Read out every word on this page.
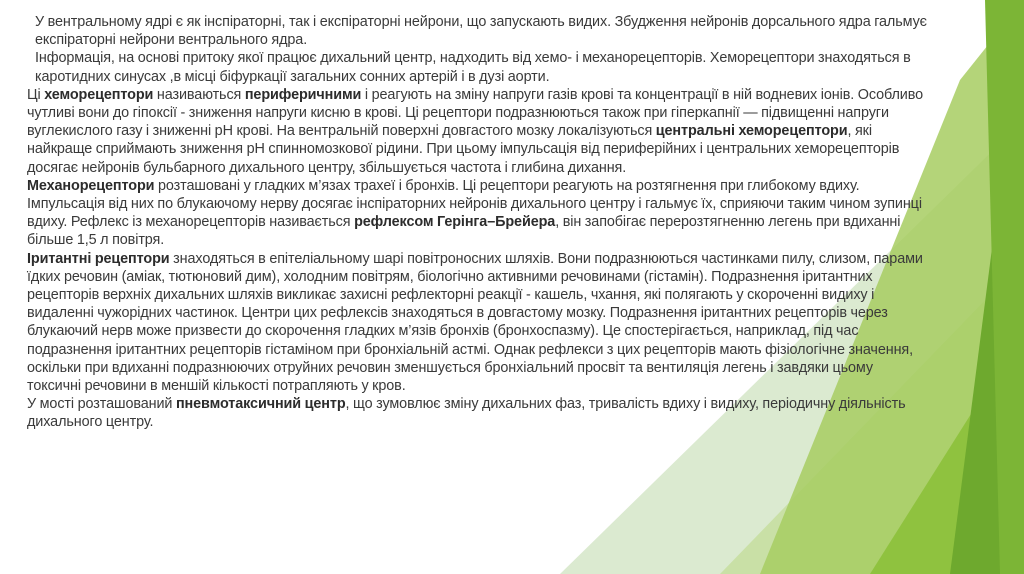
У вентральному ядрі є як інспіраторні, так і експіраторні нейрони, що запускають видих. Збудження нейронів дорсального ядра гальмує експіраторні нейрони вентрального ядра.

Інформація, на основі притоку якої працює дихальний центр, надходить від хемо- і механорецепторів. Хеморецептори знаходяться в каротидних синусах ,в місці біфуркації загальних сонних артерій і в дузі аорти.

Ці хеморецептори називаються периферичними і реагують на зміну напруги газів крові та концентрації в ній водневих іонів. Особливо чутливі вони до гіпоксії - зниження напруги кисню в крові. Ці рецептори подразнюються також при гіперкапнії — підвищенні напруги вуглекислого газу і зниженні рН крові. На вентральній поверхні довгастого мозку локалізуються центральні хеморецептори, які найкраще сприймають зниження рН спинномозкової рідини. При цьому імпульсація від периферійних і центральних хеморецепторів досягає нейронів бульбарного дихального центру, збільшується частота і глибина дихання.

Механорецептори розташовані у гладких м’язах трахеї і бронхів. Ці рецептори реагують на розтягнення при глибокому вдиху. Імпульсація від них по блукаючому нерву досягає інспіраторних нейронів дихального центру і гальмує їх, сприяючи таким чином зупинці вдиху. Рефлекс із механорецепторів називається рефлексом Герінга–Брейера, він запобігає перерозтягненню легень при вдиханні більше 1,5 л повітря.

Іритантні рецептори знаходяться в епітеліальному шарі повітроносних шляхів. Вони подразнюються частинками пилу, слизом, парами їдких речовин (аміак, тютюновий дим), холодним повітрям, біологічно активними речовинами (гістамін). Подразнення іритантних рецепторів верхніх дихальних шляхів викликає захисні рефлекторні реакції - кашель, чхання, які полягають у скороченні видиху і видаленні чужорідних частинок. Центри цих рефлексів знаходяться в довгастому мозку. Подразнення іритантних рецепторів через блукаючий нерв може призвести до скорочення гладких м’язів бронхів (бронхоспазму). Це спостерігається, наприклад, під час подразнення іритантних рецепторів гістаміном при бронхіальній астмі. Однак рефлекси з цих рецепторів мають фізіологічне значення, оскільки при вдиханні подразнюючих отруйних речовин зменшується бронхіальний просвіт та вентиляція легень і завдяки цьому токсичні речовини в меншій кількості потрапляють у кров.

У мості розташований пневмотаксичний центр, що зумовлює зміну дихальних фаз, тривалість вдиху і видиху, періодичну діяльність дихального центру.
